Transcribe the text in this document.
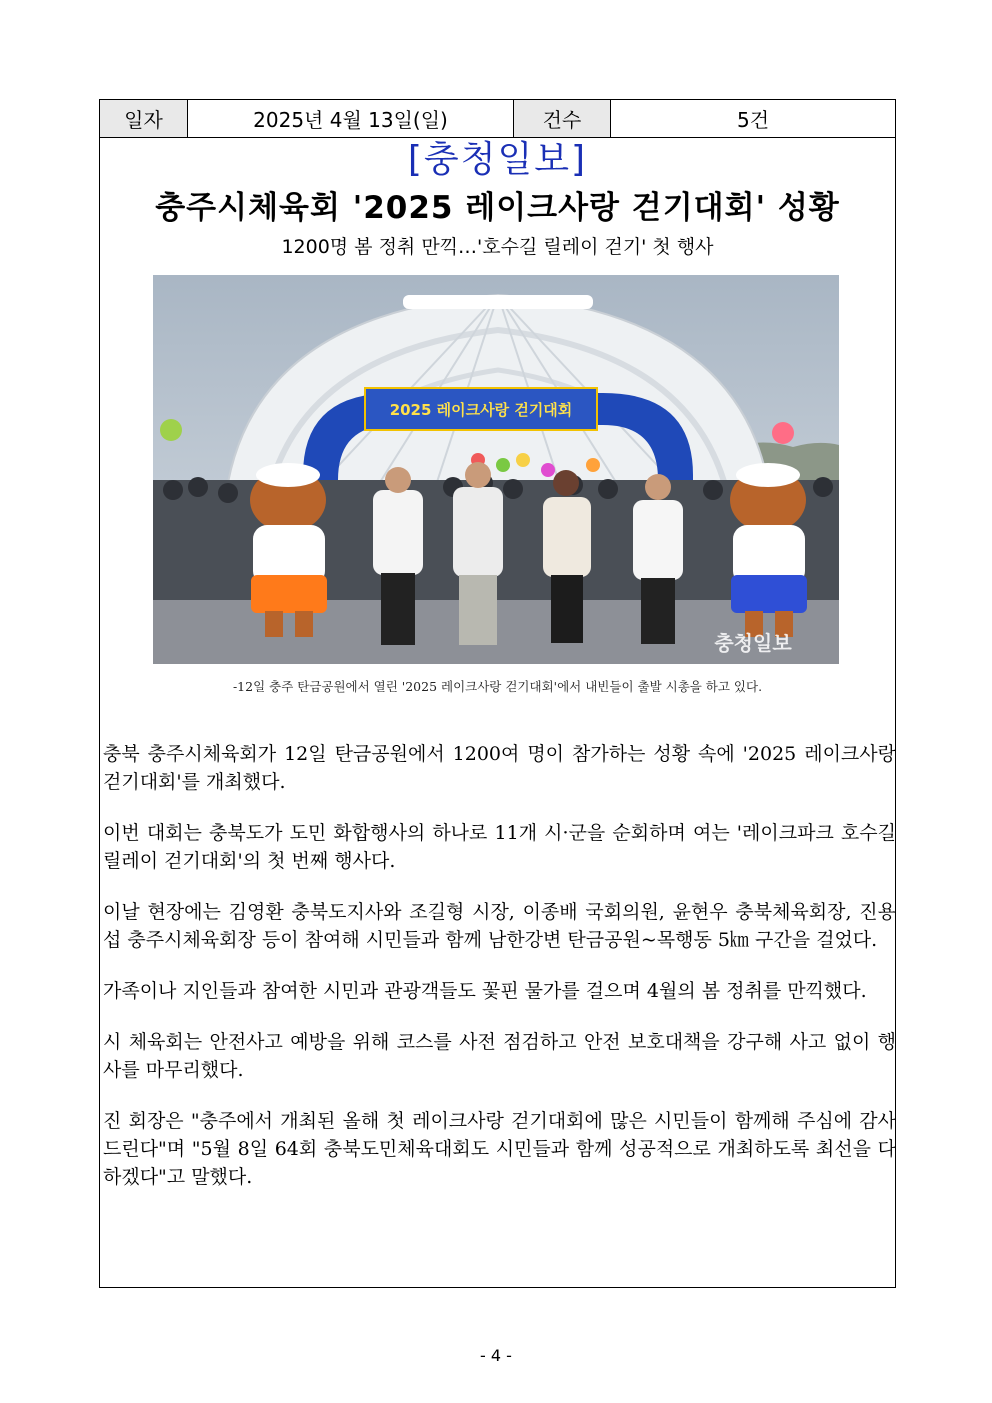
일자	2025년 4월 13일(일)	건수	5건
[충청일보]
충주시체육회 '2025 레이크사랑 걷기대회' 성황
1200명 봄 정취 만끽…'호수길 릴레이 걷기' 첫 행사
2025 레이크사랑 걷기대회
충청일보
-12일 충주 탄금공원에서 열린 '2025 레이크사랑 걷기대회'에서 내빈들이 출발 시총을 하고 있다.

충북 충주시체육회가 12일 탄금공원에서 1200여 명이 참가하는 성황 속에 '2025 레이크사랑 걷기대회'를 개최했다.

이번 대회는 충북도가 도민 화합행사의 하나로 11개 시·군을 순회하며 여는 '레이크파크 호수길 릴레이 걷기대회'의 첫 번째 행사다.

이날 현장에는 김영환 충북도지사와 조길형 시장, 이종배 국회의원, 윤현우 충북체육회장, 진용섭 충주시체육회장 등이 참여해 시민들과 함께 남한강변 탄금공원~목행동 5㎞ 구간을 걸었다.

가족이나 지인들과 참여한 시민과 관광객들도 꽃핀 물가를 걸으며 4월의 봄 정취를 만끽했다.

시 체육회는 안전사고 예방을 위해 코스를 사전 점검하고 안전 보호대책을 강구해 사고 없이 행사를 마무리했다.

진 회장은 "충주에서 개최된 올해 첫 레이크사랑 걷기대회에 많은 시민들이 함께해 주심에 감사드린다"며 "5월 8일 64회 충북도민체육대회도 시민들과 함께 성공적으로 개최하도록 최선을 다하겠다"고 말했다.

- 4 -
